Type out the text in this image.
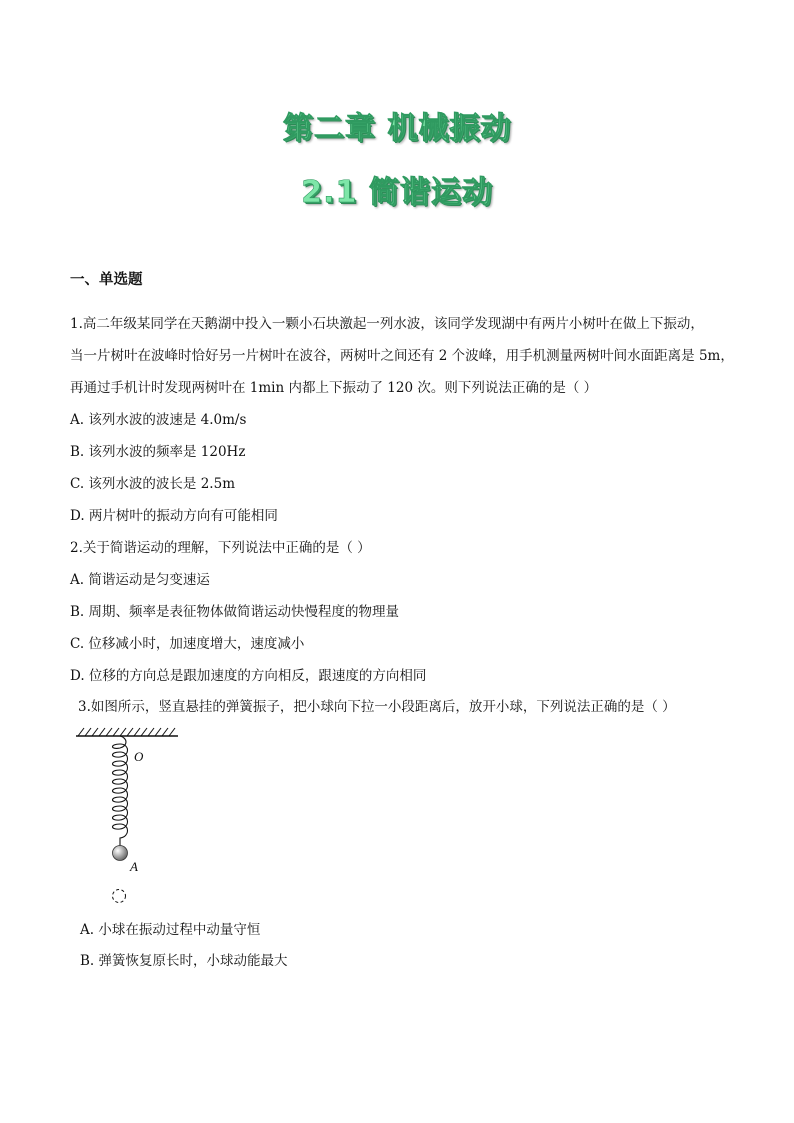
第二章 机械振动
2.1 简谐运动
一、单选题
1.高二年级某同学在天鹅湖中投入一颗小石块激起一列水波，该同学发现湖中有两片小树叶在做上下振动，
当一片树叶在波峰时恰好另一片树叶在波谷，两树叶之间还有 2 个波峰，用手机测量两树叶间水面距离是 5m，
再通过手机计时发现两树叶在 1min 内都上下振动了 120 次。则下列说法正确的是（ ）
A. 该列水波的波速是 4.0m/s
B. 该列水波的频率是 120Hz
C. 该列水波的波长是 2.5m
D. 两片树叶的振动方向有可能相同
2.关于简谐运动的理解，下列说法中正确的是（ ）
A. 简谐运动是匀变速运
B. 周期、频率是表征物体做简谐运动快慢程度的物理量
C. 位移减小时，加速度增大，速度减小
D. 位移的方向总是跟加速度的方向相反，跟速度的方向相同
3.如图所示，竖直悬挂的弹簧振子，把小球向下拉一小段距离后，放开小球，下列说法正确的是（ ）
O
A
A. 小球在振动过程中动量守恒
B. 弹簧恢复原长时，小球动能最大
